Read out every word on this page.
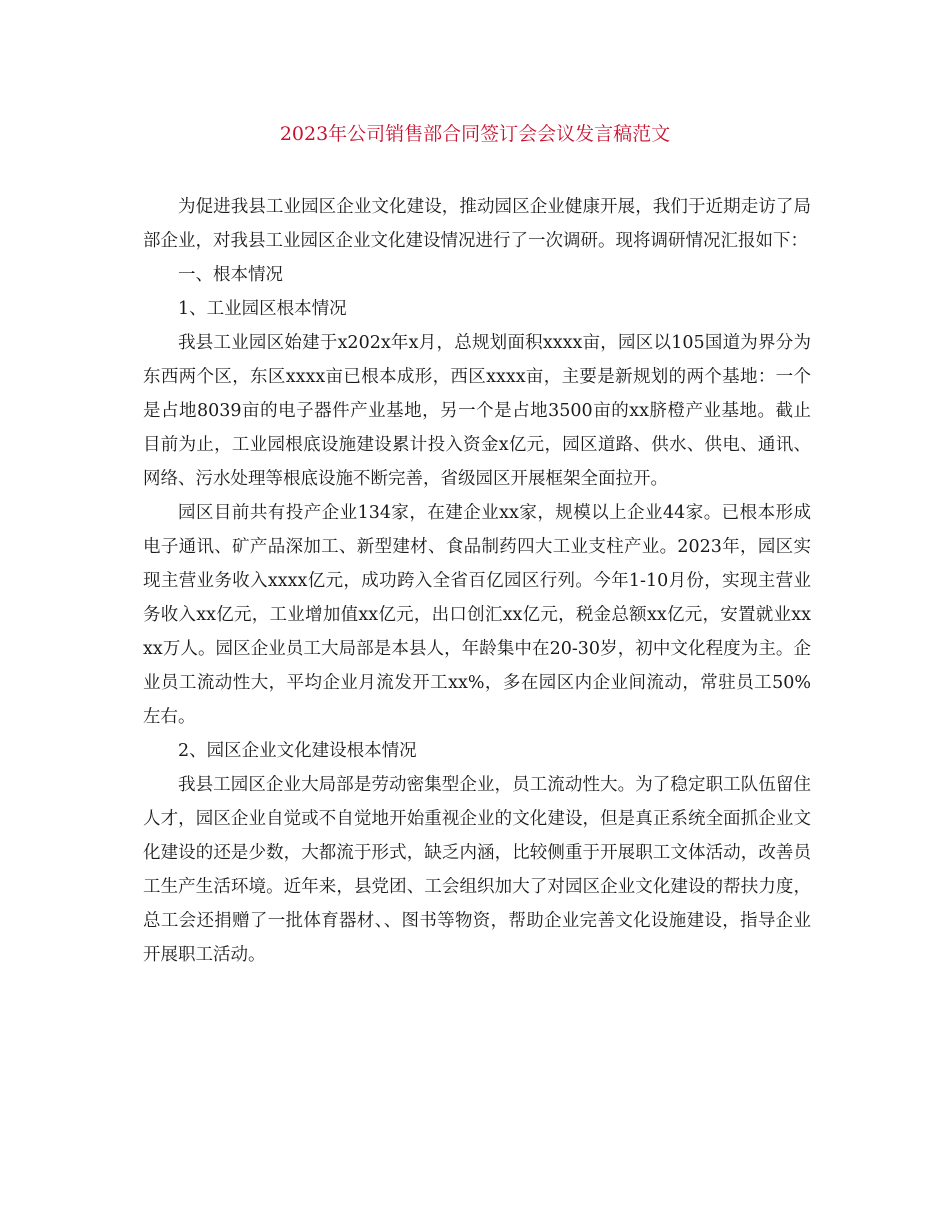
2023年公司销售部合同签订会会议发言稿范文

为促进我县工业园区企业文化建设，推动园区企业健康开展，我们于近期走访了局部企业，对我县工业园区企业文化建设情况进行了一次调研。现将调研情况汇报如下：

一、根本情况

1、工业园区根本情况

我县工业园区始建于x202x年x月，总规划面积xxxx亩，园区以105国道为界分为东西两个区，东区xxxx亩已根本成形，西区xxxx亩，主要是新规划的两个基地：一个是占地8039亩的电子器件产业基地，另一个是占地3500亩的xx脐橙产业基地。截止目前为止，工业园根底设施建设累计投入资金x亿元，园区道路、供水、供电、通讯、网络、污水处理等根底设施不断完善，省级园区开展框架全面拉开。

园区目前共有投产企业134家，在建企业xx家，规模以上企业44家。已根本形成电子通讯、矿产品深加工、新型建材、食品制药四大工业支柱产业。2023年，园区实现主营业务收入xxxx亿元，成功跨入全省百亿园区行列。今年1-10月份，实现主营业务收入xx亿元，工业增加值xx亿元，出口创汇xx亿元，税金总额xx亿元，安置就业xxxx万人。园区企业员工大局部是本县人，年龄集中在20-30岁，初中文化程度为主。企业员工流动性大，平均企业月流发开工xx%，多在园区内企业间流动，常驻员工50%左右。

2、园区企业文化建设根本情况

我县工园区企业大局部是劳动密集型企业，员工流动性大。为了稳定职工队伍留住人才，园区企业自觉或不自觉地开始重视企业的文化建设，但是真正系统全面抓企业文化建设的还是少数，大都流于形式，缺乏内涵，比较侧重于开展职工文体活动，改善员工生产生活环境。近年来，县党团、工会组织加大了对园区企业文化建设的帮扶力度，总工会还捐赠了一批体育器材、、图书等物资，帮助企业完善文化设施建设，指导企业开展职工活动。
